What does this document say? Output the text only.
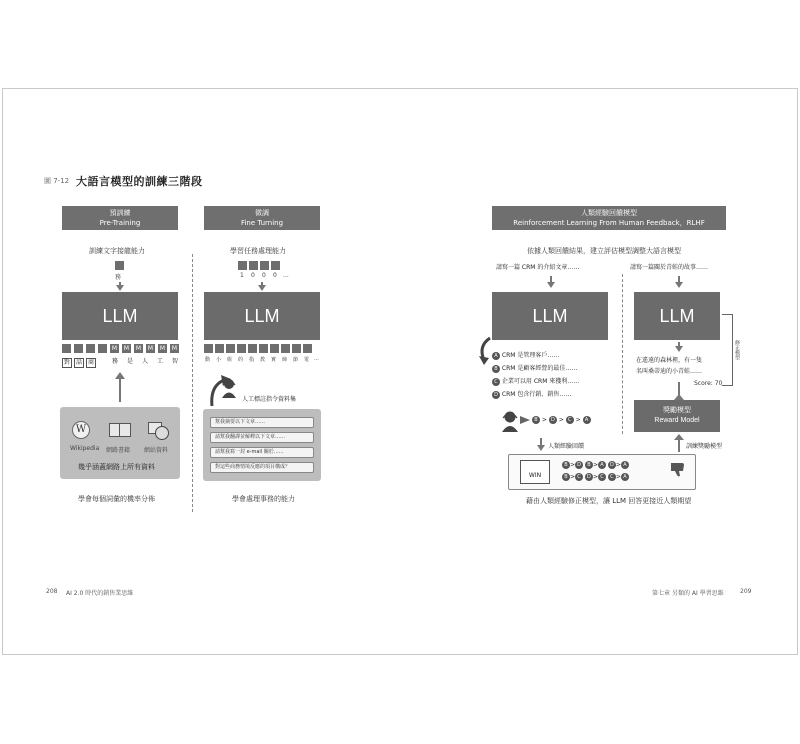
圖 7-12 大語言模型的訓練三階段
預訓練
Pre-Training
訓練文字接龍能力
務
LLM
M	M	M	M	M	M
對 話 商	務	是	人	工	智
W
Wikipedia 網路書籍 網站資料
幾乎涵蓋網路上所有資料
學會每個詞彙的機率分佈
微調
Fine Turning
學習任務處理能力
1 0 0 0 ...
LLM
動 小 組 的 指 教 實 締 節 電 ...
人工標註指令資料集
幫我摘要以下文章……
請幫我翻譯並解釋以下文章……
請幫我寫一封 e-mail 關於……
對這些商務情境反應的項目構成？
學會處理事務的能力
人類經驗回饋模型
Reinforcement Learning From Human Feedback，RLHF
依據人類回饋結果，建立評估模型調整大語言模型
請寫一篇 CRM 的介紹文章……	請寫一篇關於青蛙的故事……
LLM	LLM
A CRM 是管理客戶……
B CRM 是顧客經營的最佳……
C 企業可以用 CRM 來獲利……
D CRM 包含行銷、銷售……
B > D > C > A
在遙遠的森林裡，有一隻
名叫桑蒂迪的小青蛙……
Score: 70
修正模型
獎勵模型
Reward Model
人類經驗回饋	訓練獎勵模型
WIN
B > D B > A D > A
B > C D > C C > A
藉由人類經驗修正模型，讓 LLM 回答更接近人類期望
208 AI 2.0 時代的銷售業思維	第七章 另類的 AI 學習思維	209
